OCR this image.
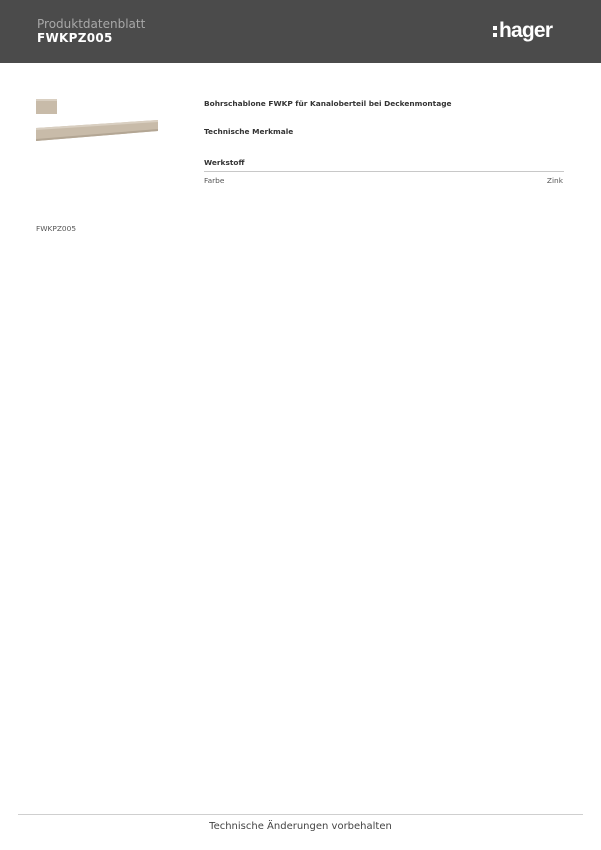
Produktdatenblatt
FWKPZ005	hager
Bohrschablone FWKP für Kanaloberteil bei Deckenmontage
Technische Merkmale
Werkstoff
Farbe	Zink
FWKPZ005
Technische Änderungen vorbehalten
